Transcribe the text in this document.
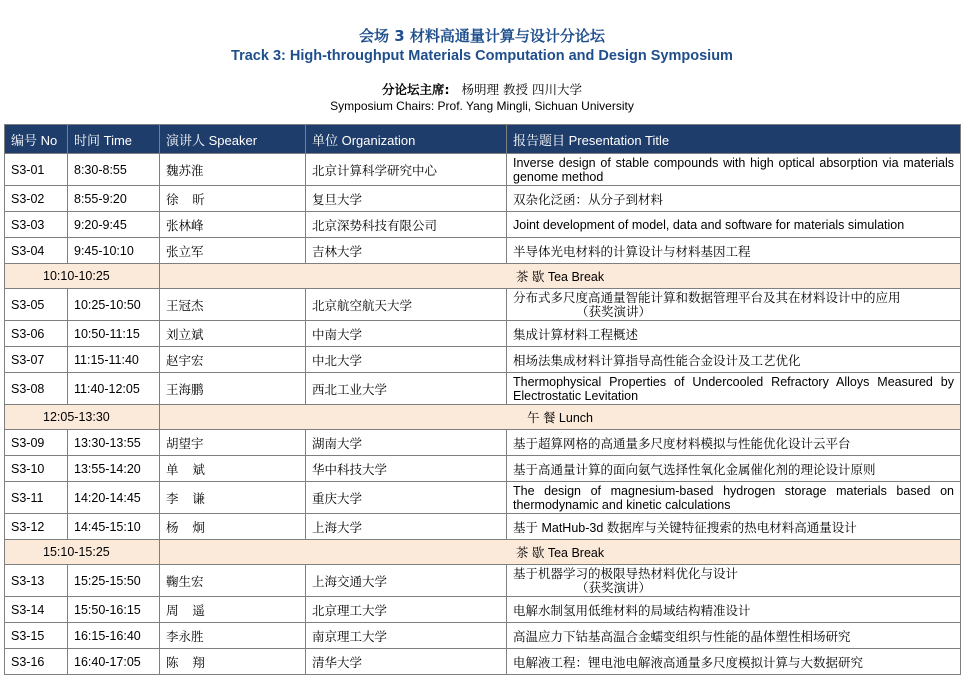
会场 3 材料高通量计算与设计分论坛
Track 3: High-throughput Materials Computation and Design Symposium
分论坛主席: 杨明理 教授 四川大学
Symposium Chairs: Prof. Yang Mingli, Sichuan University
编号 No	时间 Time	演讲人 Speaker	单位 Organization	报告题目 Presentation Title
S3-01	8:30-8:55	魏苏淮	北京计算科学研究中心	Inverse design of stable compounds with high optical absorption via materials genome method
S3-02	8:55-9:20	徐    昕	复旦大学	双杂化泛函：从分子到材料
S3-03	9:20-9:45	张林峰	北京深势科技有限公司	Joint development of model, data and software for materials simulation
S3-04	9:45-10:10	张立军	吉林大学	半导体光电材料的计算设计与材料基因工程
10:10-10:25		茶 歇 Tea Break		
S3-05	10:25-10:50	王冠杰	北京航空航天大学	分布式多尺度高通量智能计算和数据管理平台及其在材料设计中的应用
（获奖演讲）

S3-06	10:50-11:15	刘立斌	中南大学	集成计算材料工程概述
S3-07	11:15-11:40	赵宇宏	中北大学	相场法集成材料计算指导高性能合金设计及工艺优化
S3-08	11:40-12:05	王海鹏	西北工业大学	Thermophysical Properties of Undercooled Refractory Alloys Measured by Electrostatic Levitation
12:05-13:30		午 餐 Lunch		
S3-09	13:30-13:55	胡望宇	湖南大学	基于超算网格的高通量多尺度材料模拟与性能优化设计云平台
S3-10	13:55-14:20	单    斌	华中科技大学	基于高通量计算的面向氨气选择性氧化金属催化剂的理论设计原则
S3-11	14:20-14:45	李    谦	重庆大学	The design of magnesium-based hydrogen storage materials based on thermodynamic and kinetic calculations
S3-12	14:45-15:10	杨    炯	上海大学	基于 MatHub-3d 数据库与关键特征搜索的热电材料高通量设计
15:10-15:25		茶 歇 Tea Break		
S3-13	15:25-15:50	鞠生宏	上海交通大学	基于机器学习的极限导热材料优化与设计
（获奖演讲）

S3-14	15:50-16:15	周    遥	北京理工大学	电解水制氢用低维材料的局域结构精准设计
S3-15	16:15-16:40	李永胜	南京理工大学	高温应力下钴基高温合金蠕变组织与性能的晶体塑性相场研究
S3-16	16:40-17:05	陈    翔	清华大学	电解液工程：锂电池电解液高通量多尺度模拟计算与大数据研究
